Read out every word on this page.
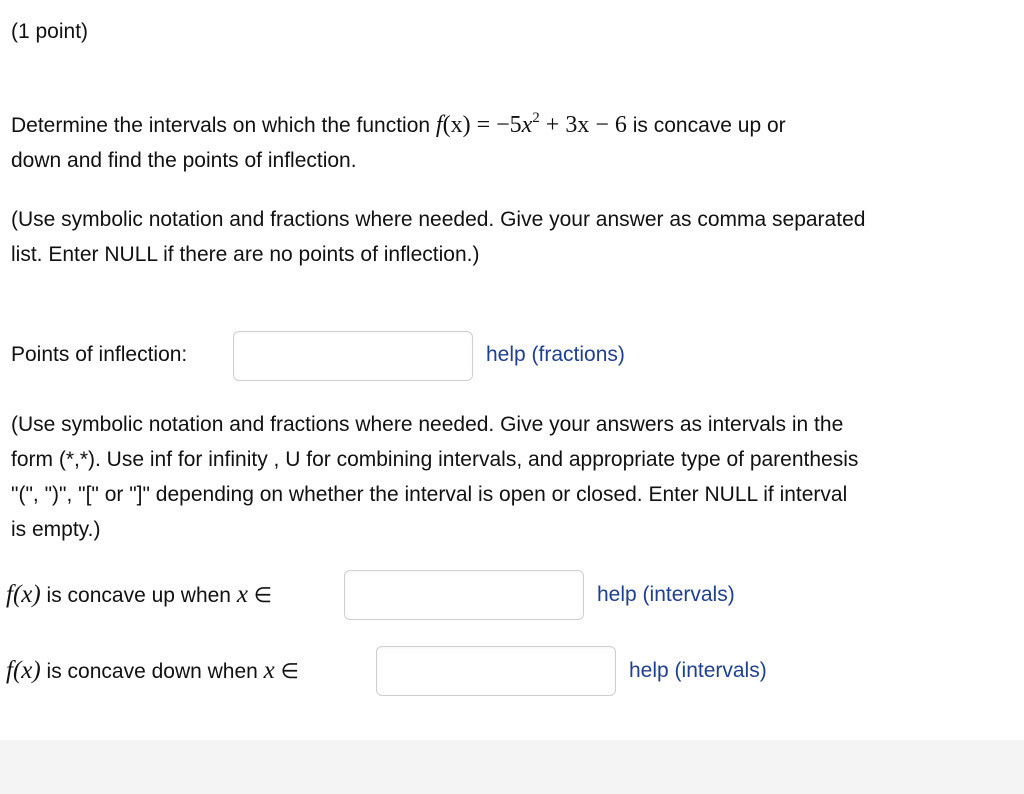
(1 point)
Determine the intervals on which the function $f(x) = -5x^2 + 3x - 6$ is concave up or
down and find the points of inflection.
(Use symbolic notation and fractions where needed. Give your answer as comma separated
list. Enter NULL if there are no points of inflection.)
Points of inflection:	help (fractions)
(Use symbolic notation and fractions where needed. Give your answers as intervals in the
form (*,*). Use inf for infinity , U for combining intervals, and appropriate type of parenthesis
"(", ")", "[" or "]" depending on whether the interval is open or closed. Enter NULL if interval
is empty.)
f(x) is concave up when x ∈	help (intervals)
f(x) is concave down when x ∈	help (intervals)
